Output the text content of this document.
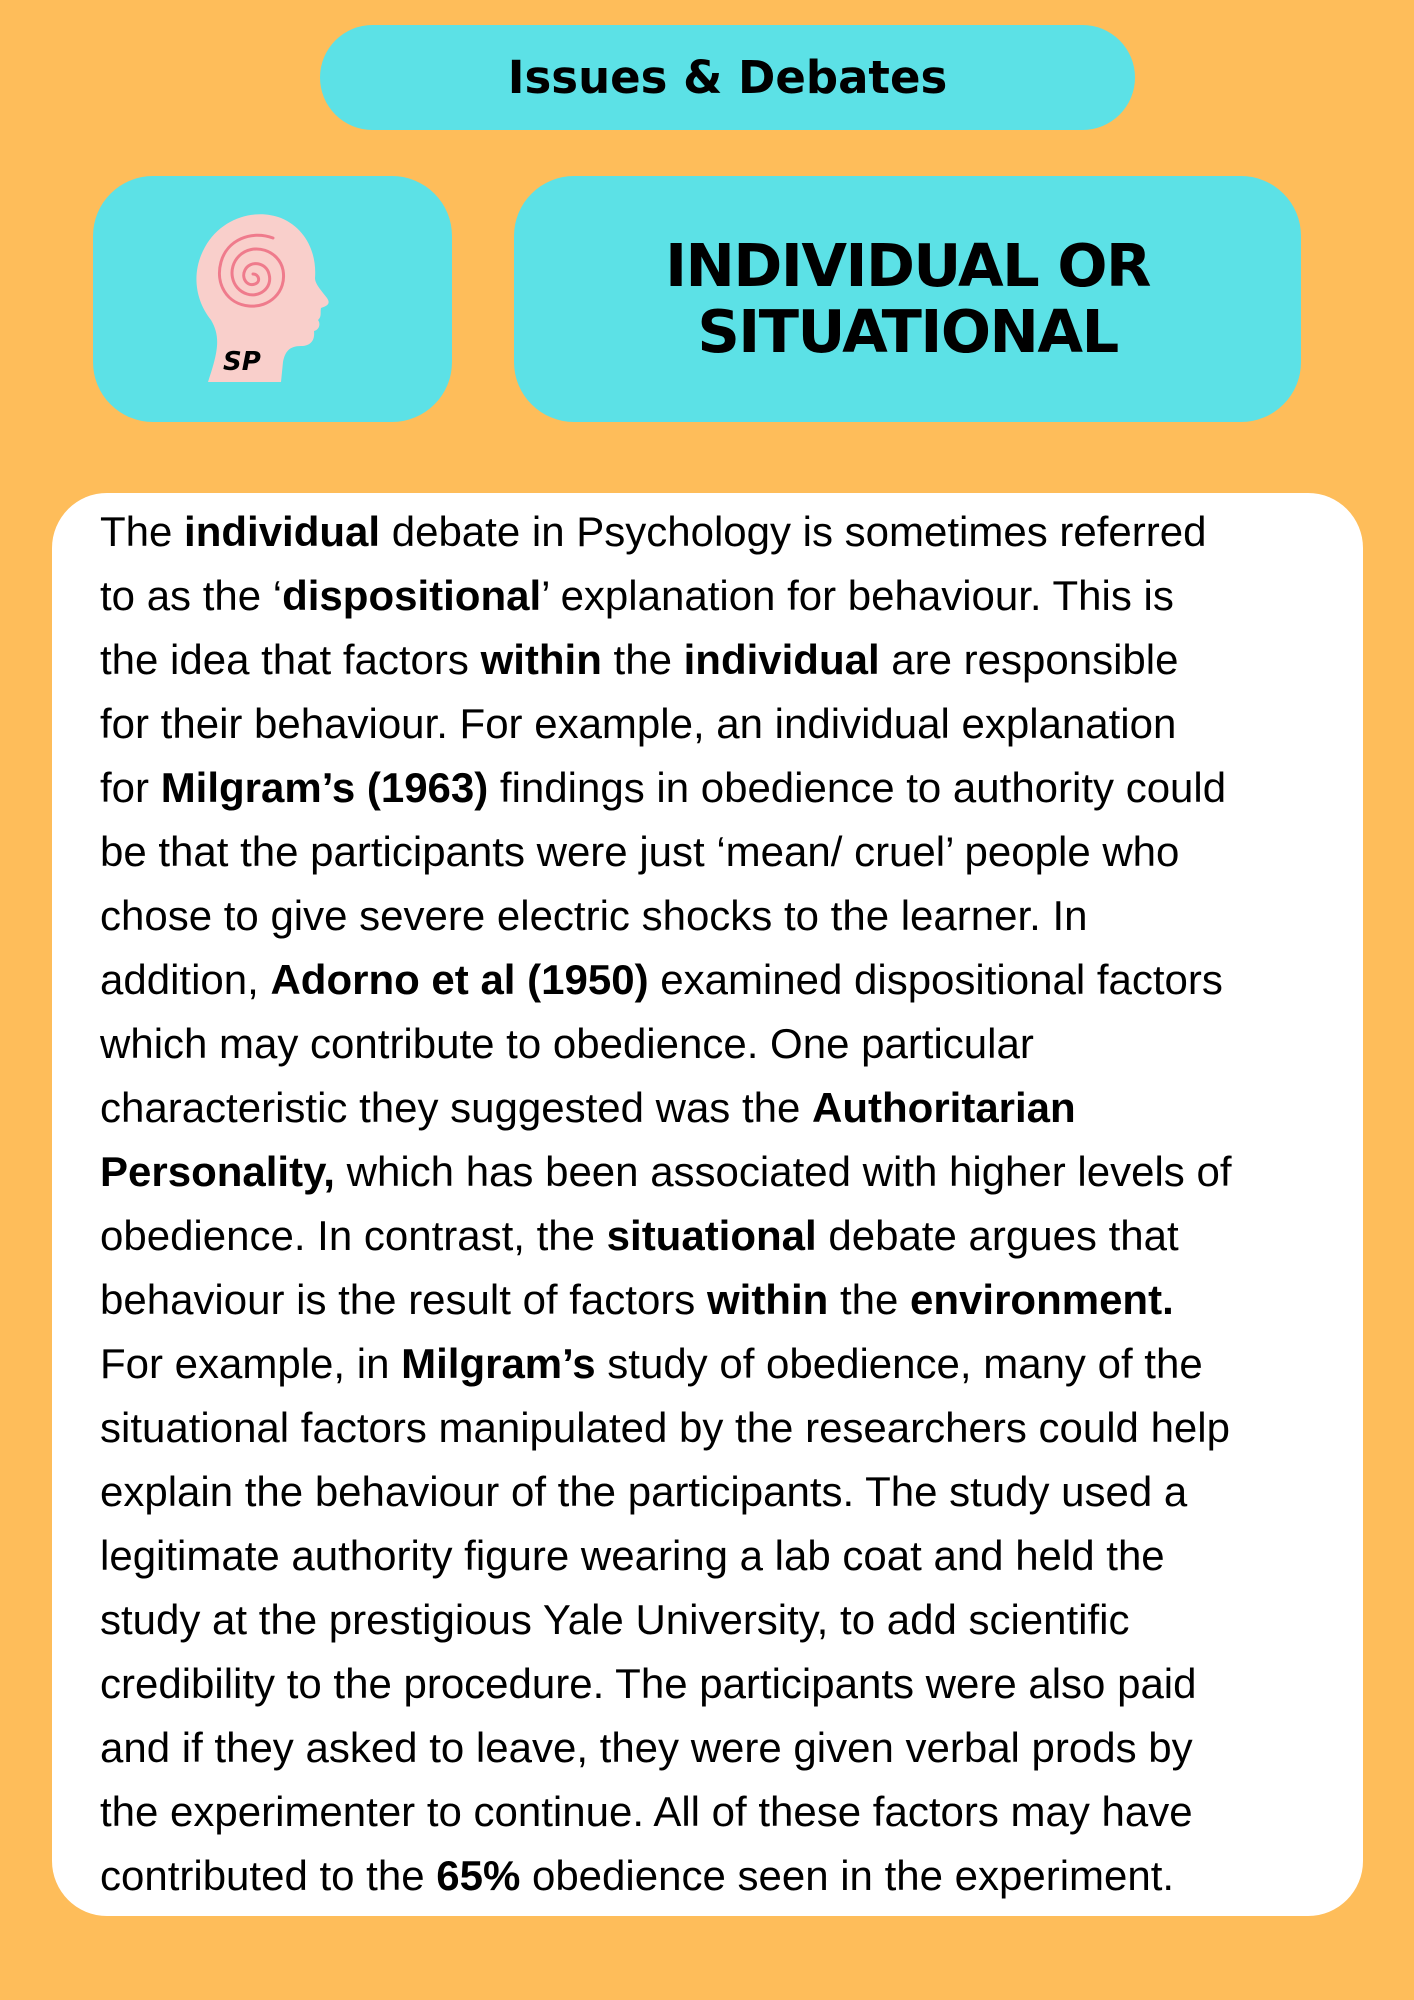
Issues & Debates
SP
INDIVIDUAL OR
SITUATIONAL

The individual debate in Psychology is sometimes referred
to as the ‘dispositional’ explanation for behaviour. This is
the idea that factors within the individual are responsible
for their behaviour. For example, an individual explanation
for Milgram’s (1963) findings in obedience to authority could
be that the participants were just ‘mean/ cruel’ people who
chose to give severe electric shocks to the learner. In
addition, Adorno et al (1950) examined dispositional factors
which may contribute to obedience. One particular
characteristic they suggested was the Authoritarian
Personality, which has been associated with higher levels of
obedience. In contrast, the situational debate argues that
behaviour is the result of factors within the environment.
For example, in Milgram’s study of obedience, many of the
situational factors manipulated by the researchers could help
explain the behaviour of the participants. The study used a
legitimate authority figure wearing a lab coat and held the
study at the prestigious Yale University, to add scientific
credibility to the procedure. The participants were also paid
and if they asked to leave, they were given verbal prods by
the experimenter to continue. All of these factors may have
contributed to the 65% obedience seen in the experiment.
